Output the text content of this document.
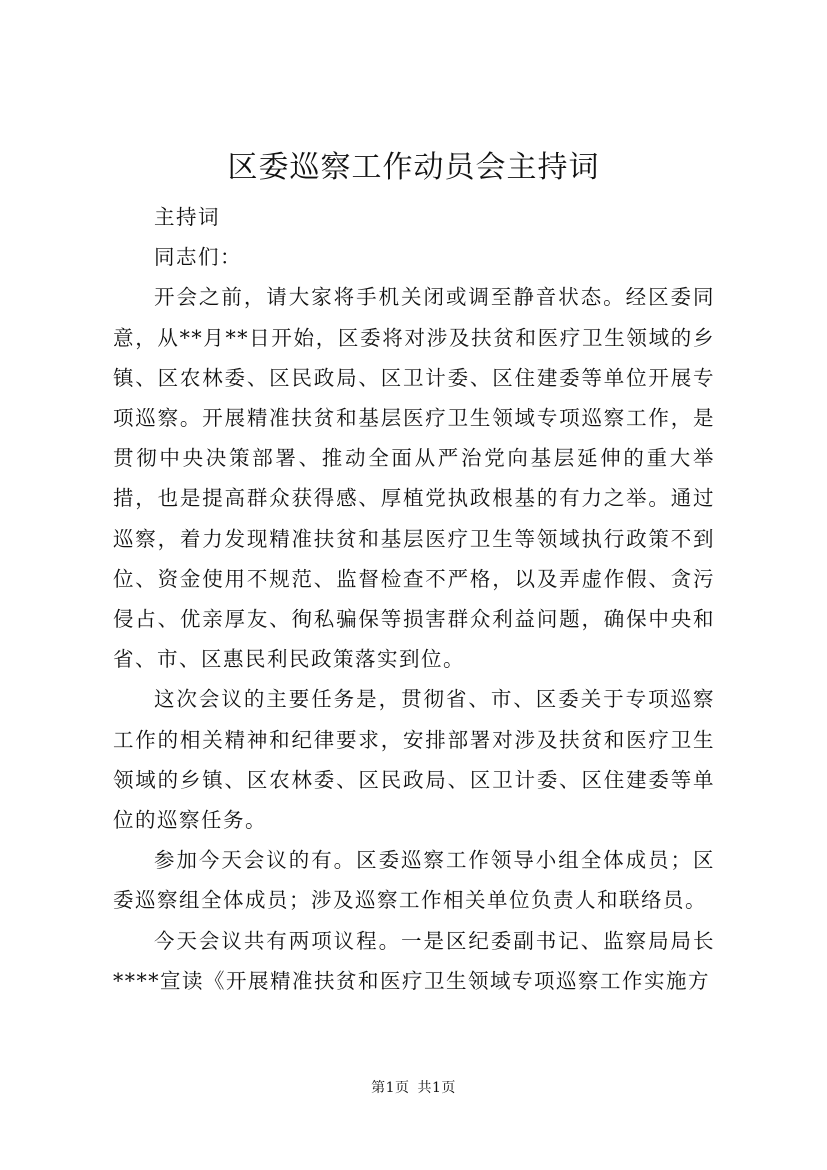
区委巡察工作动员会主持词

主持词

同志们：

开会之前，请大家将手机关闭或调至静音状态。经区委同意，从**月**日开始，区委将对涉及扶贫和医疗卫生领域的乡镇、区农林委、区民政局、区卫计委、区住建委等单位开展专项巡察。开展精准扶贫和基层医疗卫生领域专项巡察工作，是贯彻中央决策部署、推动全面从严治党向基层延伸的重大举措，也是提高群众获得感、厚植党执政根基的有力之举。通过巡察，着力发现精准扶贫和基层医疗卫生等领域执行政策不到位、资金使用不规范、监督检查不严格，以及弄虚作假、贪污侵占、优亲厚友、徇私骗保等损害群众利益问题，确保中央和省、市、区惠民利民政策落实到位。

这次会议的主要任务是，贯彻省、市、区委关于专项巡察工作的相关精神和纪律要求，安排部署对涉及扶贫和医疗卫生领域的乡镇、区农林委、区民政局、区卫计委、区住建委等单位的巡察任务。

参加今天会议的有。区委巡察工作领导小组全体成员；区委巡察组全体成员；涉及巡察工作相关单位负责人和联络员。

今天会议共有两项议程。一是区纪委副书记、监察局局长****宣读《开展精准扶贫和医疗卫生领域专项巡察工作实施方

第1页 共1页
